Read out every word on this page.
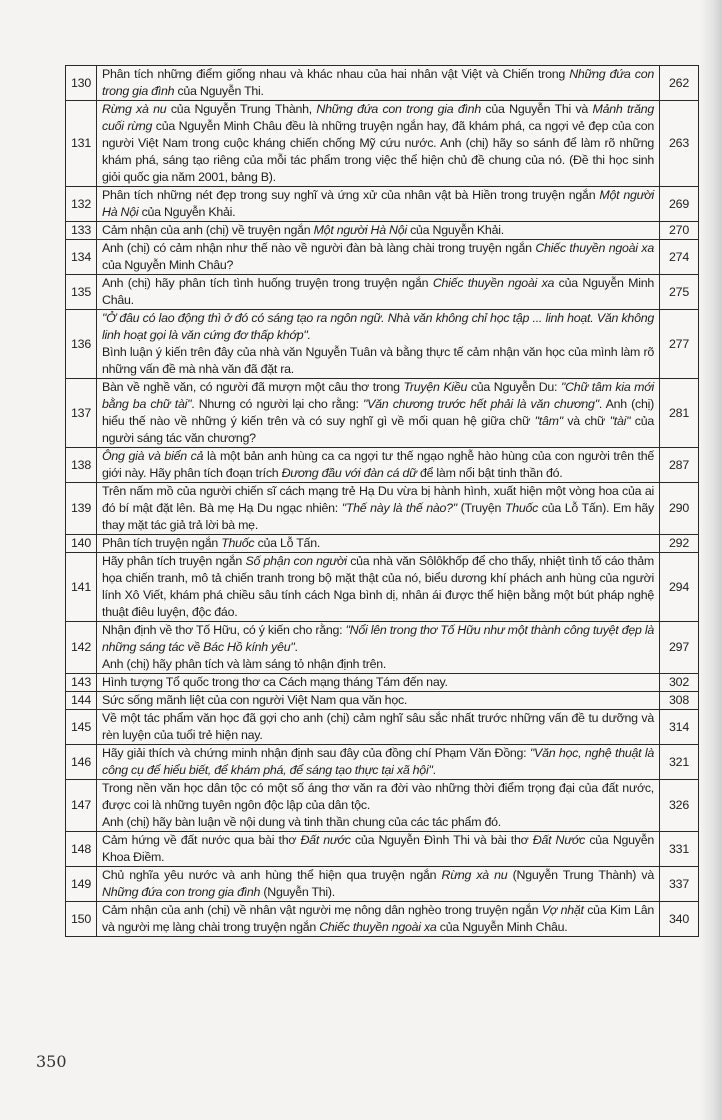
130	Phân tích những điểm giống nhau và khác nhau của hai nhân vật Việt và Chiến trong Những đứa con trong gia đình của Nguyễn Thi.	262
131	Rừng xà nu của Nguyễn Trung Thành, Những đứa con trong gia đình của Nguyễn Thi và Mảnh trăng cuối rừng của Nguyễn Minh Châu đều là những truyện ngắn hay, đã khám phá, ca ngợi vẻ đẹp của con người Việt Nam trong cuộc kháng chiến chống Mỹ cứu nước. Anh (chị) hãy so sánh để làm rõ những khám phá, sáng tạo riêng của mỗi tác phẩm trong việc thể hiện chủ đề chung của nó. (Đề thi học sinh giỏi quốc gia năm 2001, bảng B).	263
132	Phân tích những nét đẹp trong suy nghĩ và ứng xử của nhân vật bà Hiền trong truyện ngắn Một người Hà Nội của Nguyễn Khải.	269
133	Cảm nhận của anh (chị) về truyện ngắn Một người Hà Nội của Nguyễn Khải.	270
134	Anh (chị) có cảm nhận như thế nào về người đàn bà làng chài trong truyện ngắn Chiếc thuyền ngoài xa của Nguyễn Minh Châu?	274
135	Anh (chị) hãy phân tích tình huống truyện trong truyện ngắn Chiếc thuyền ngoài xa của Nguyễn Minh Châu.	275
136	"Ở đâu có lao động thì ở đó có sáng tạo ra ngôn ngữ. Nhà văn không chỉ học tập ... linh hoạt. Văn không linh hoạt gọi là văn cứng đơ thấp khớp".
Bình luận ý kiến trên đây của nhà văn Nguyễn Tuân và bằng thực tế cảm nhận văn học của mình làm rõ những vấn đề mà nhà văn đã đặt ra.	277
137	Bàn về nghề văn, có người đã mượn một câu thơ trong Truyện Kiều của Nguyễn Du: "Chữ tâm kia mới bằng ba chữ tài". Nhưng có người lại cho rằng: "Văn chương trước hết phải là văn chương". Anh (chị) hiểu thế nào về những ý kiến trên và có suy nghĩ gì về mối quan hệ giữa chữ "tâm" và chữ "tài" của người sáng tác văn chương?	281
138	Ông già và biển cả là một bản anh hùng ca ca ngợi tư thế ngạo nghễ hào hùng của con người trên thế giới này. Hãy phân tích đoạn trích Đương đầu với đàn cá dữ để làm nổi bật tinh thần đó.	287
139	Trên nấm mồ của người chiến sĩ cách mạng trẻ Hạ Du vừa bị hành hình, xuất hiện một vòng hoa của ai đó bí mật đặt lên. Bà mẹ Hạ Du ngạc nhiên: "Thế này là thế nào?" (Truyện Thuốc của Lỗ Tấn). Em hãy thay mặt tác giả trả lời bà mẹ.	290
140	Phân tích truyện ngắn Thuốc của Lỗ Tấn.	292
141	Hãy phân tích truyện ngắn Số phận con người của nhà văn Sôlôkhốp để cho thấy, nhiệt tình tố cáo thảm họa chiến tranh, mô tả chiến tranh trong bộ mặt thật của nó, biểu dương khí phách anh hùng của người lính Xô Viết, khám phá chiều sâu tính cách Nga bình dị, nhân ái được thể hiện bằng một bút pháp nghệ thuật điêu luyện, độc đáo.	294
142	Nhận định về thơ Tố Hữu, có ý kiến cho rằng: "Nổi lên trong thơ Tố Hữu như một thành công tuyệt đẹp là những sáng tác về Bác Hồ kính yêu".
Anh (chị) hãy phân tích và làm sáng tỏ nhận định trên.	297
143	Hình tượng Tổ quốc trong thơ ca Cách mạng tháng Tám đến nay.	302
144	Sức sống mãnh liệt của con người Việt Nam qua văn học.	308
145	Về một tác phẩm văn học đã gợi cho anh (chị) cảm nghĩ sâu sắc nhất trước những vấn đề tu dưỡng và rèn luyện của tuổi trẻ hiện nay.	314
146	Hãy giải thích và chứng minh nhận định sau đây của đồng chí Phạm Văn Đồng: "Văn học, nghệ thuật là công cụ để hiểu biết, để khám phá, để sáng tạo thực tại xã hội".	321
147	Trong nền văn học dân tộc có một số áng thơ văn ra đời vào những thời điểm trọng đại của đất nước, được coi là những tuyên ngôn độc lập của dân tộc.
Anh (chị) hãy bàn luận về nội dung và tinh thần chung của các tác phẩm đó.	326
148	Cảm hứng về đất nước qua bài thơ Đất nước của Nguyễn Đình Thi và bài thơ Đất Nước của Nguyễn Khoa Điềm.	331
149	Chủ nghĩa yêu nước và anh hùng thể hiện qua truyện ngắn Rừng xà nu (Nguyễn Trung Thành) và Những đứa con trong gia đình (Nguyễn Thi).	337
150	Cảm nhận của anh (chị) về nhân vật người mẹ nông dân nghèo trong truyện ngắn Vợ nhặt của Kim Lân và người mẹ làng chài trong truyện ngắn Chiếc thuyền ngoài xa của Nguyễn Minh Châu.	340
350
